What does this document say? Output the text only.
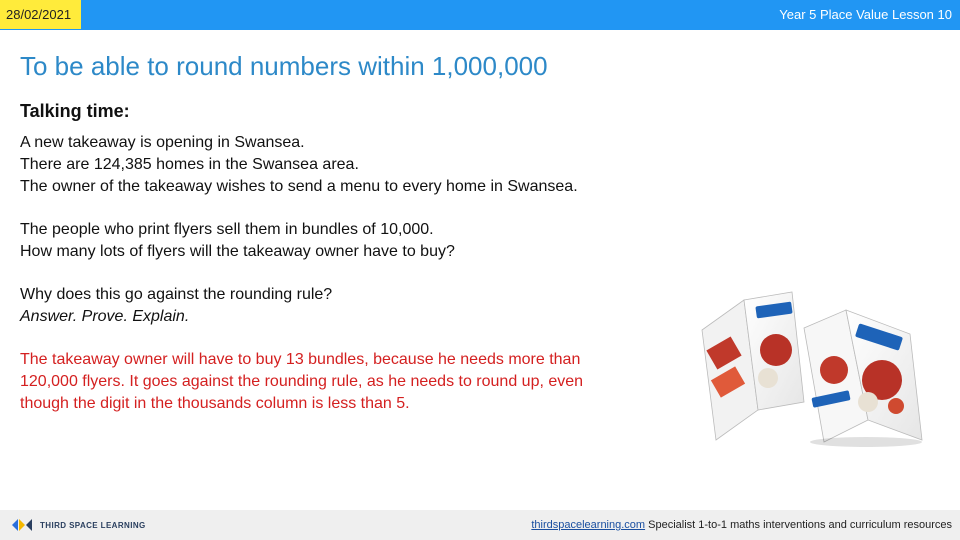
28/02/2021	Year 5 Place Value Lesson 10
To be able to round numbers within 1,000,000
Talking time:
A new takeaway is opening in Swansea.
There are 124,385 homes in the Swansea area.
The owner of the takeaway wishes to send a menu to every home in Swansea.
The people who print flyers sell them in bundles of 10,000.
How many lots of flyers will the takeaway owner have to buy?
Why does this go against the rounding rule?
Answer. Prove. Explain.
The takeaway owner will have to buy 13 bundles, because he needs more than
120,000 flyers. It goes against the rounding rule, as he needs to round up, even
though the digit in the thousands column is less than 5.
THIRD SPACE LEARNING	thirdspacelearning.com Specialist 1-to-1 maths interventions and curriculum resources
